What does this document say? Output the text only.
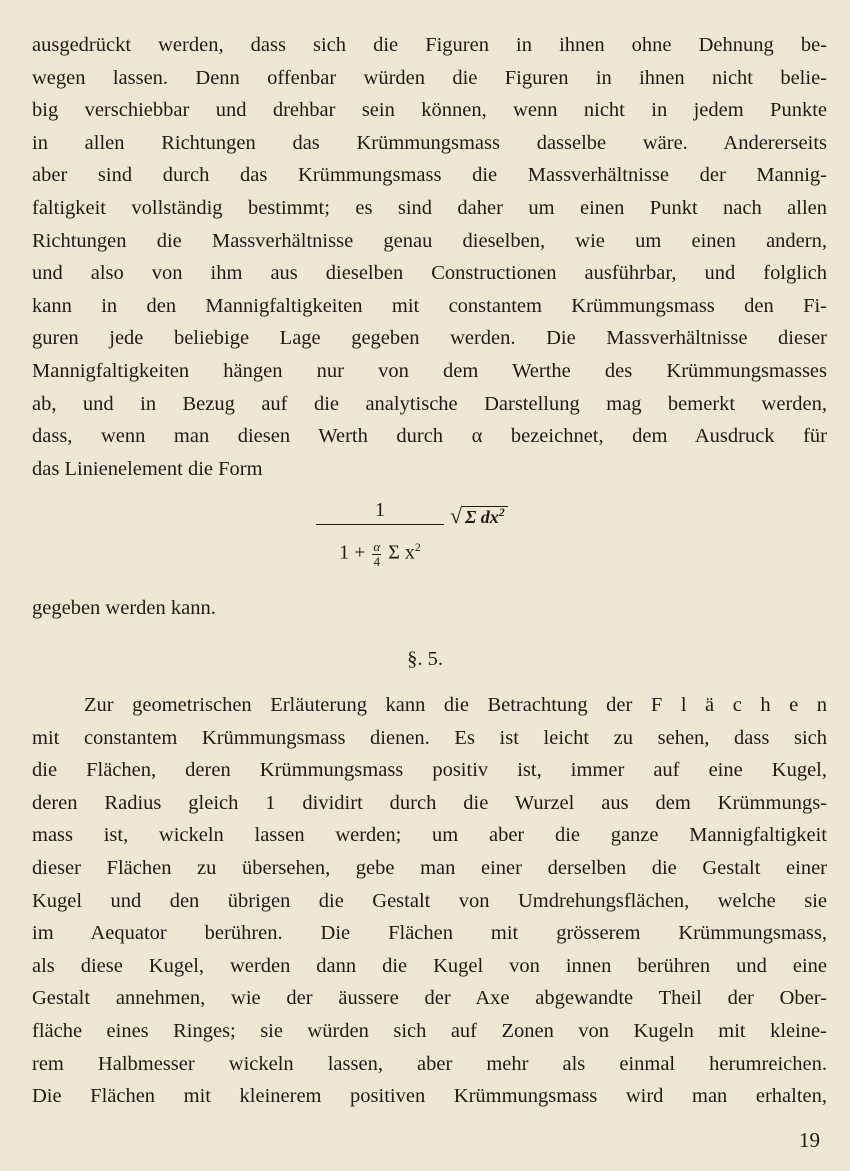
ausgedrückt werden, dass sich die Figuren in ihnen ohne Dehnung be-
wegen lassen. Denn offenbar würden die Figuren in ihnen nicht belie-
big verschiebbar und drehbar sein können, wenn nicht in jedem Punkte
in allen Richtungen das Krümmungsmass dasselbe wäre. Andererseits
aber sind durch das Krümmungsmass die Massverhältnisse der Mannig-
faltigkeit vollständig bestimmt; es sind daher um einen Punkt nach allen
Richtungen die Massverhältnisse genau dieselben, wie um einen andern,
und also von ihm aus dieselben Constructionen ausführbar, und folglich
kann in den Mannigfaltigkeiten mit constantem Krümmungsmass den Fi-
guren jede beliebige Lage gegeben werden. Die Massverhältnisse dieser
Mannigfaltigkeiten hängen nur von dem Werthe des Krümmungsmasses
ab, und in Bezug auf die analytische Darstellung mag bemerkt werden,
dass, wenn man diesen Werth durch α bezeichnet, dem Ausdruck für
das Linienelement die Form
1
$1 + \frac{\alpha}{4}$ Σ $x^2$
√ Σ $dx^2$
gegeben werden kann.
§. 5.
Zur geometrischen Erläuterung kann die Betrachtung der F l ä c h e n
mit constantem Krümmungsmass dienen. Es ist leicht zu sehen, dass sich
die Flächen, deren Krümmungsmass positiv ist, immer auf eine Kugel,
deren Radius gleich 1 dividirt durch die Wurzel aus dem Krümmungs-
mass ist, wickeln lassen werden; um aber die ganze Mannigfaltigkeit
dieser Flächen zu übersehen, gebe man einer derselben die Gestalt einer
Kugel und den übrigen die Gestalt von Umdrehungsflächen, welche sie
im Aequator berühren. Die Flächen mit grösserem Krümmungsmass,
als diese Kugel, werden dann die Kugel von innen berühren und eine
Gestalt annehmen, wie der äussere der Axe abgewandte Theil der Ober-
fläche eines Ringes; sie würden sich auf Zonen von Kugeln mit kleine-
rem Halbmesser wickeln lassen, aber mehr als einmal herumreichen.
Die Flächen mit kleinerem positiven Krümmungsmass wird man erhalten,
19
